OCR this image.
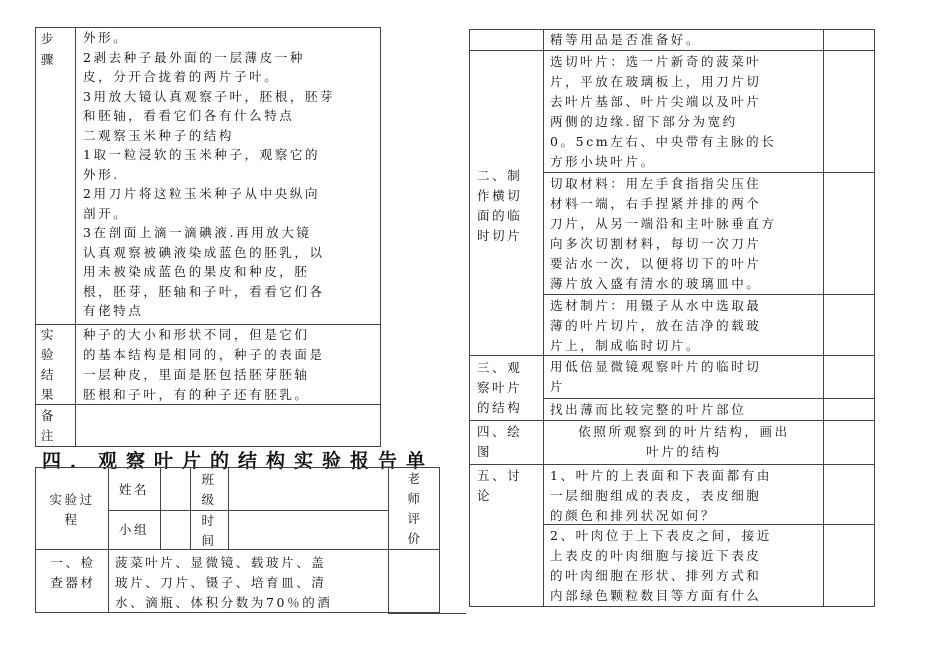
步骤
外形。
2剥去种子最外面的一层薄皮一种
皮，分开合拢着的两片子叶。
3用放大镜认真观察子叶，胚根，胚芽
和胚轴，看看它们各有什么特点
二观察玉米种子的结构
1取一粒浸软的玉米种子，观察它的
外形.
2用刀片将这粒玉米种子从中央纵向
剖开。
3在剖面上滴一滴碘液.再用放大镜
认真观察被碘液染成蓝色的胚乳，以
用未被染成蓝色的果皮和种皮，胚
根，胚芽，胚轴和子叶，看看它们各
有佬特点
实验结果
种子的大小和形状不同，但是它们
的基本结构是相同的，种子的表面是
一层种皮，里面是胚包括胚芽胚轴
胚根和子叶，有的种子还有胚乳。
备注
四．观察叶片的结构实验报告单
实验过程
姓名
班级
老师评价
小组
时间
一、检查器材
菠菜叶片、显微镜、载玻片、盖
玻片、刀片、镊子、培育皿、清
水、滴瓶、体积分数为70％的酒
精等用品是否准备好。
二、制作横切面的临时切片
选切叶片：选一片新奇的菠菜叶
片，平放在玻璃板上，用刀片切
去叶片基部、叶片尖端以及叶片
两侧的边缘.留下部分为宽约
0。5cm左右、中央带有主脉的长
方形小块叶片。
切取材料：用左手食指指尖压住
材料一端，右手捏紧并排的两个
刀片，从另一端沿和主叶脉垂直方
向多次切割材料，每切一次刀片
要沾水一次，以便将切下的叶片
薄片放入盛有清水的玻璃皿中。
选材制片：用镊子从水中选取最
薄的叶片切片，放在洁净的载玻
片上，制成临时切片。
三、观察叶片的结构
用低倍显微镜观察叶片的临时切
片
找出薄而比较完整的叶片部位
四、绘图
依照所观察到的叶片结构，画出
叶片的结构
五、讨论
1、叶片的上表面和下表面都有由
一层细胞组成的表皮，表皮细胞
的颜色和排列状况如何？
2、叶肉位于上下表皮之间，接近
上表皮的叶肉细胞与接近下表皮
的叶肉细胞在形状、排列方式和
内部绿色颗粒数目等方面有什么
